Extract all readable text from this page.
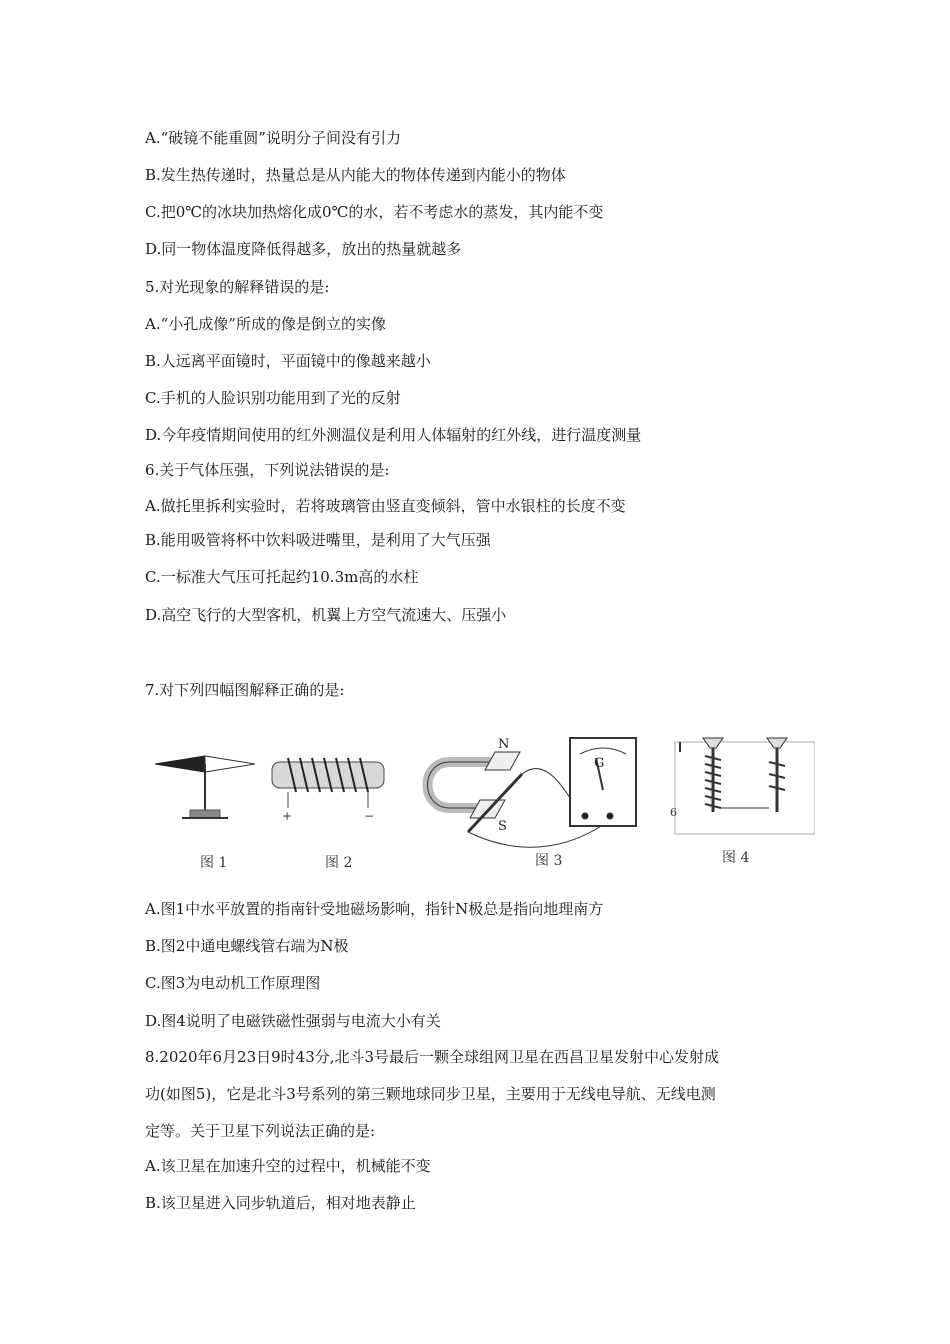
A.“破镜不能重圆”说明分子间没有引力
B.发生热传递时，热量总是从内能大的物体传递到内能小的物体
C.把0℃的冰块加热熔化成0℃的水，若不考虑水的蒸发，其内能不变
D.同一物体温度降低得越多，放出的热量就越多
5.对光现象的解释错误的是:
A.“小孔成像”所成的像是倒立的实像
B.人远离平面镜时，平面镜中的像越来越小
C.手机的人脸识别功能用到了光的反射
D.今年疫情期间使用的红外测温仪是利用人体辐射的红外线，进行温度测量
6.关于气体压强，下列说法错误的是:
A.做托里拆利实验时，若将玻璃管由竖直变倾斜，管中水银柱的长度不变
B.能用吸管将杯中饮料吸进嘴里，是利用了大气压强
C.一标准大气压可托起约10.3m高的水柱
D.高空飞行的大型客机，机翼上方空气流速大、压强小
7.对下列四幅图解释正确的是:
+	−
N
S
G
6
图 1	图 2	图 3	图 4
A.图1中水平放置的指南针受地磁场影响，指针N极总是指向地理南方
B.图2中通电螺线管右端为N极
C.图3为电动机工作原理图
D.图4说明了电磁铁磁性强弱与电流大小有关
8.2020年6月23日9时43分,北斗3号最后一颗全球组网卫星在西昌卫星发射中心发射成
功(如图5)，它是北斗3号系列的第三颗地球同步卫星，主要用于无线电导航、无线电测
定等。关于卫星下列说法正确的是:
A.该卫星在加速升空的过程中，机械能不变
B.该卫星进入同步轨道后，相对地表静止
